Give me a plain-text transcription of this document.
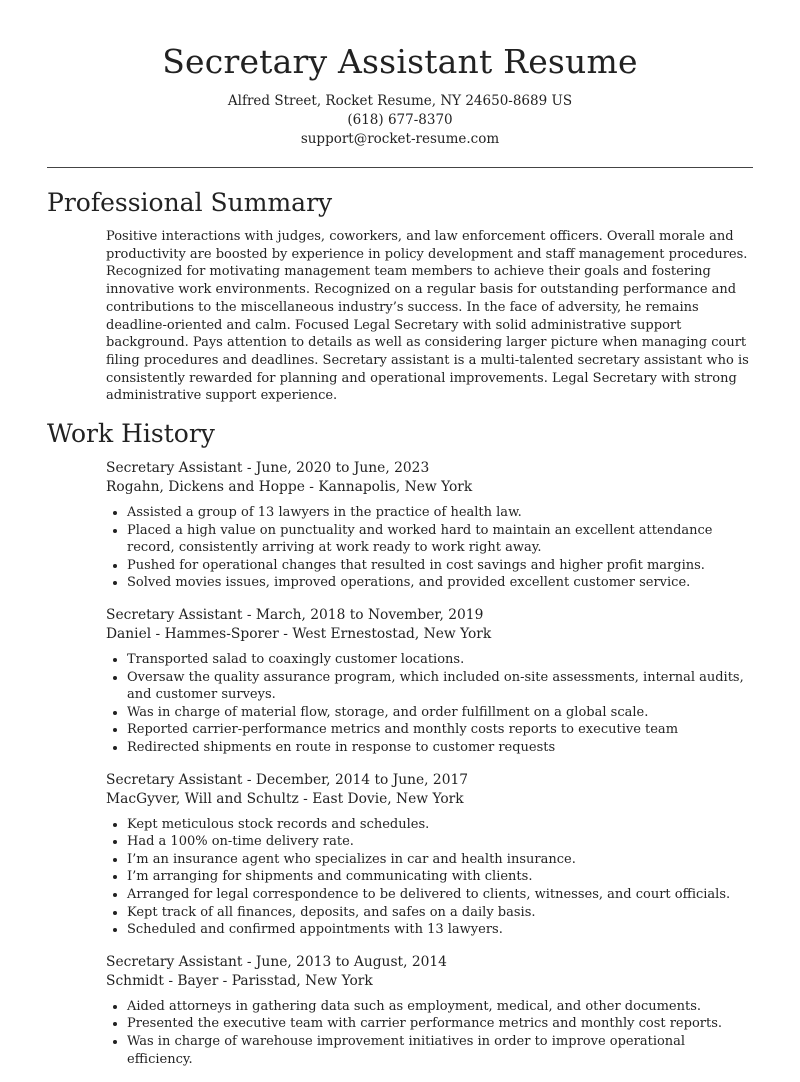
Secretary Assistant Resume
Alfred Street, Rocket Resume, NY 24650-8689 US
(618) 677-8370
support@rocket-resume.com
Professional Summary

Positive interactions with judges, coworkers, and law enforcement officers. Overall morale and productivity are boosted by experience in policy development and staff management procedures. Recognized for motivating management team members to achieve their goals and fostering innovative work environments. Recognized on a regular basis for outstanding performance and contributions to the miscellaneous industry’s success. In the face of adversity, he remains deadline-oriented and calm. Focused Legal Secretary with solid administrative support background. Pays attention to details as well as considering larger picture when managing court filing procedures and deadlines. Secretary assistant is a multi-talented secretary assistant who is consistently rewarded for planning and operational improvements. Legal Secretary with strong administrative support experience.

Work History
Secretary Assistant - June, 2020 to June, 2023
Rogahn, Dickens and Hoppe - Kannapolis, New York
• Assisted a group of 13 lawyers in the practice of health law.
• Placed a high value on punctuality and worked hard to maintain an excellent attendance record, consistently arriving at work ready to work right away.
• Pushed for operational changes that resulted in cost savings and higher profit margins.
• Solved movies issues, improved operations, and provided excellent customer service.
Secretary Assistant - March, 2018 to November, 2019
Daniel - Hammes-Sporer - West Ernestostad, New York
• Transported salad to coaxingly customer locations.
• Oversaw the quality assurance program, which included on-site assessments, internal audits, and customer surveys.
• Was in charge of material flow, storage, and order fulfillment on a global scale.
• Reported carrier-performance metrics and monthly costs reports to executive team
• Redirected shipments en route in response to customer requests
Secretary Assistant - December, 2014 to June, 2017
MacGyver, Will and Schultz - East Dovie, New York
• Kept meticulous stock records and schedules.
• Had a 100% on-time delivery rate.
• I’m an insurance agent who specializes in car and health insurance.
• I’m arranging for shipments and communicating with clients.
• Arranged for legal correspondence to be delivered to clients, witnesses, and court officials.
• Kept track of all finances, deposits, and safes on a daily basis.
• Scheduled and confirmed appointments with 13 lawyers.
Secretary Assistant - June, 2013 to August, 2014
Schmidt - Bayer - Parisstad, New York
• Aided attorneys in gathering data such as employment, medical, and other documents.
• Presented the executive team with carrier performance metrics and monthly cost reports.
• Was in charge of warehouse improvement initiatives in order to improve operational efficiency.
